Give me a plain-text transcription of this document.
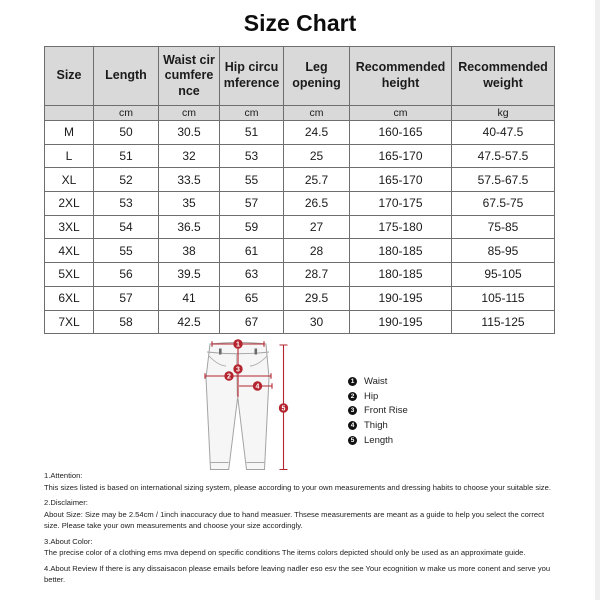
Size Chart
Size	Length	Waist circumference	Hip circumference	Leg opening	Recommended height	Recommended weight
	cm	cm	cm	cm	cm	kg
M	50	30.5	51	24.5	160-165	40-47.5
L	51	32	53	25	165-170	47.5-57.5
XL	52	33.5	55	25.7	165-170	57.5-67.5
2XL	53	35	57	26.5	170-175	67.5-75
3XL	54	36.5	59	27	175-180	75-85
4XL	55	38	61	28	180-185	85-95
5XL	56	39.5	63	28.7	180-185	95-105
6XL	57	41	65	29.5	190-195	105-115
7XL	58	42.5	67	30	190-195	115-125
1
3
2
4
5
1 Waist
2 Hip
3 Front Rise
4 Thigh
5 Length
1.Attention:
This sizes listed is based on international sizing system, please according to your own measurements and dressing habits to choose your suitable size.
2.Disclaimer:
About Size: Size may be 2.54cm / 1inch inaccuracy due to hand measuer. Thsese measurements are meant as a guide to help you select the correct size. Please take your own measurements and choose your size accordingly.
3.About Color:
The precise color of a clothing ems mva depend on specific conditions The items colors depicted should only be used as an approximate guide.
4.About Review If there is any dissaisacon please emails before leaving nadler eso esv the see Your ecognition w make us more conent and serve you better.
